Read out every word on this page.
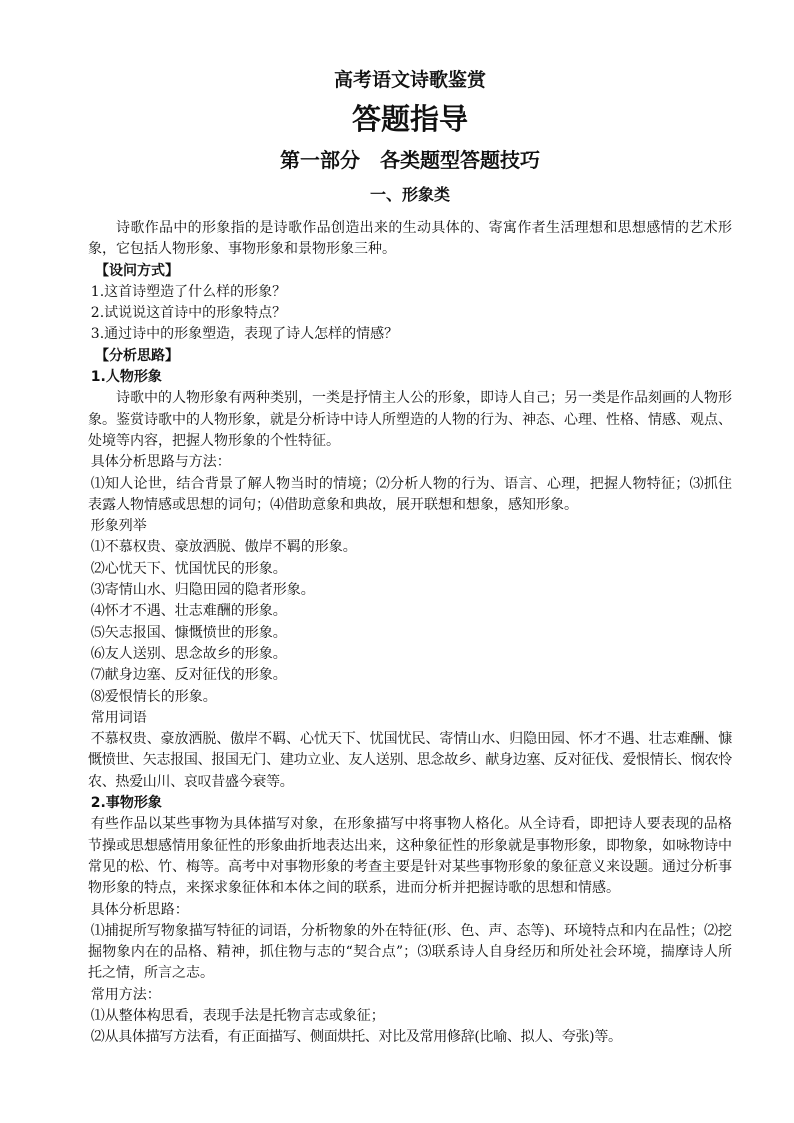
高考语文诗歌鉴赏
答题指导
第一部分　各类题型答题技巧
一、形象类

诗歌作品中的形象指的是诗歌作品创造出来的生动具体的、寄寓作者生活理想和思想感情的艺术形象，它包括人物形象、事物形象和景物形象三种。

【设问方式】

1.这首诗塑造了什么样的形象？

2.试说说这首诗中的形象特点？

3.通过诗中的形象塑造，表现了诗人怎样的情感？

【分析思路】

1.人物形象

诗歌中的人物形象有两种类别，一类是抒情主人公的形象，即诗人自己；另一类是作品刻画的人物形象。鉴赏诗歌中的人物形象，就是分析诗中诗人所塑造的人物的行为、神态、心理、性格、情感、观点、处境等内容，把握人物形象的个性特征。

具体分析思路与方法：

⑴知人论世，结合背景了解人物当时的情境；⑵分析人物的行为、语言、心理，把握人物特征；⑶抓住表露人物情感或思想的词句；⑷借助意象和典故，展开联想和想象，感知形象。

形象列举

⑴不慕权贵、豪放洒脱、傲岸不羁的形象。

⑵心忧天下、忧国忧民的形象。

⑶寄情山水、归隐田园的隐者形象。

⑷怀才不遇、壮志难酬的形象。

⑸矢志报国、慷慨愤世的形象。

⑹友人送别、思念故乡的形象。

⑺献身边塞、反对征伐的形象。

⑻爱恨情长的形象。

常用词语

不慕权贵、豪放洒脱、傲岸不羁、心忧天下、忧国忧民、寄情山水、归隐田园、怀才不遇、壮志难酬、慷慨愤世、矢志报国、报国无门、建功立业、友人送别、思念故乡、献身边塞、反对征伐、爱恨情长、悯农怜农、热爱山川、哀叹昔盛今衰等。

2.事物形象

有些作品以某些事物为具体描写对象，在形象描写中将事物人格化。从全诗看，即把诗人要表现的品格节操或思想感情用象征性的形象曲折地表达出来，这种象征性的形象就是事物形象，即物象，如咏物诗中常见的松、竹、梅等。高考中对事物形象的考查主要是针对某些事物形象的象征意义来设题。通过分析事物形象的特点，来探求象征体和本体之间的联系，进而分析并把握诗歌的思想和情感。

具体分析思路：

⑴捕捉所写物象描写特征的词语，分析物象的外在特征(形、色、声、态等)、环境特点和内在品性；⑵挖掘物象内在的品格、精神，抓住物与志的“契合点”；⑶联系诗人自身经历和所处社会环境，揣摩诗人所托之情，所言之志。

常用方法：

⑴从整体构思看，表现手法是托物言志或象征；

⑵从具体描写方法看，有正面描写、侧面烘托、对比及常用修辞(比喻、拟人、夸张)等。
